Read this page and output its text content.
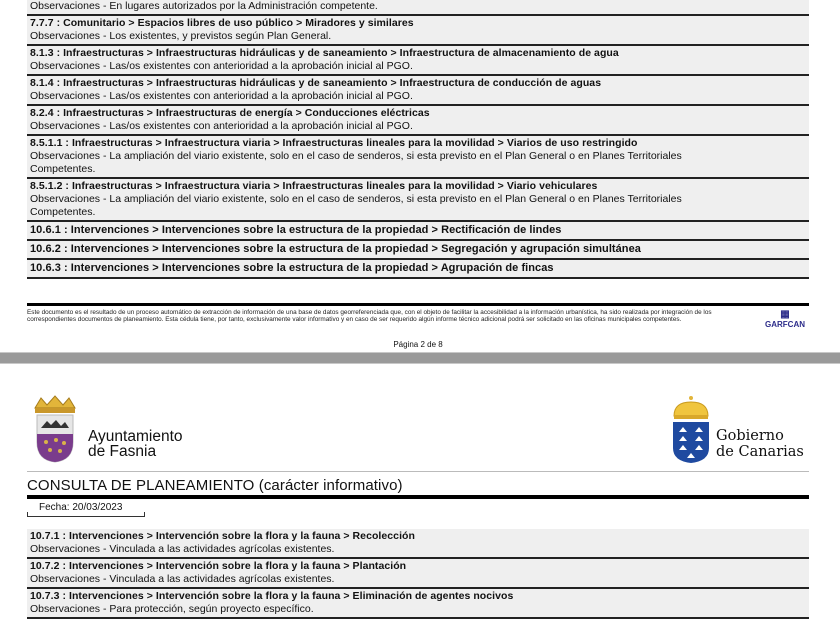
Observaciones - En lugares autorizados por la Administración competente.
7.7.7 : Comunitario > Espacios libres de uso público > Miradores y similares
Observaciones - Los existentes, y previstos según Plan General.
8.1.3 : Infraestructuras > Infraestructuras hidráulicas y de saneamiento > Infraestructura de almacenamiento de agua
Observaciones - Las/os existentes con anterioridad a la aprobación inicial al PGO.
8.1.4 : Infraestructuras > Infraestructuras hidráulicas y de saneamiento > Infraestructura de conducción de aguas
Observaciones - Las/os existentes con anterioridad a la aprobación inicial al PGO.
8.2.4 : Infraestructuras > Infraestructuras de energía > Conducciones eléctricas
Observaciones - Las/os existentes con anterioridad a la aprobación inicial al PGO.
8.5.1.1 : Infraestructuras > Infraestructura viaria > Infraestructuras lineales para la movilidad > Viarios de uso restringido
Observaciones - La ampliación del viario existente, solo en el caso de senderos, si esta previsto en el Plan General o en Planes Territoriales
Competentes.
8.5.1.2 : Infraestructuras > Infraestructura viaria > Infraestructuras lineales para la movilidad > Viario vehiculares
Observaciones - La ampliación del viario existente, solo en el caso de senderos, si esta previsto en el Plan General o en Planes Territoriales
Competentes.
10.6.1 : Intervenciones > Intervenciones sobre la estructura de la propiedad > Rectificación de lindes
10.6.2 : Intervenciones > Intervenciones sobre la estructura de la propiedad > Segregación y agrupación simultánea
10.6.3 : Intervenciones > Intervenciones sobre la estructura de la propiedad > Agrupación de fincas
Este documento es el resultado de un proceso automático de extracción de información de una base de datos georreferenciada que, con el objeto de facilitar la accesibilidad a la información urbanística, ha sido realizada por integración de los correspondientes documentos de planeamiento. Esta cédula tiene, por tanto, exclusivamente valor informativo y en caso de ser requerido algún informe técnico adicional podrá ser solicitado en las oficinas municipales competentes.	▦
GARFCAN
Página 2 de 8
Ayuntamiento
de Fasnia
Gobierno
de Canarias
CONSULTA DE PLANEAMIENTO (carácter informativo)
Fecha: 20/03/2023
10.7.1 : Intervenciones > Intervención sobre la flora y la fauna > Recolección
Observaciones - Vinculada a las actividades agrícolas existentes.
10.7.2 : Intervenciones > Intervención sobre la flora y la fauna > Plantación
Observaciones - Vinculada a las actividades agrícolas existentes.
10.7.3 : Intervenciones > Intervención sobre la flora y la fauna > Eliminación de agentes nocivos
Observaciones - Para protección, según proyecto específico.
